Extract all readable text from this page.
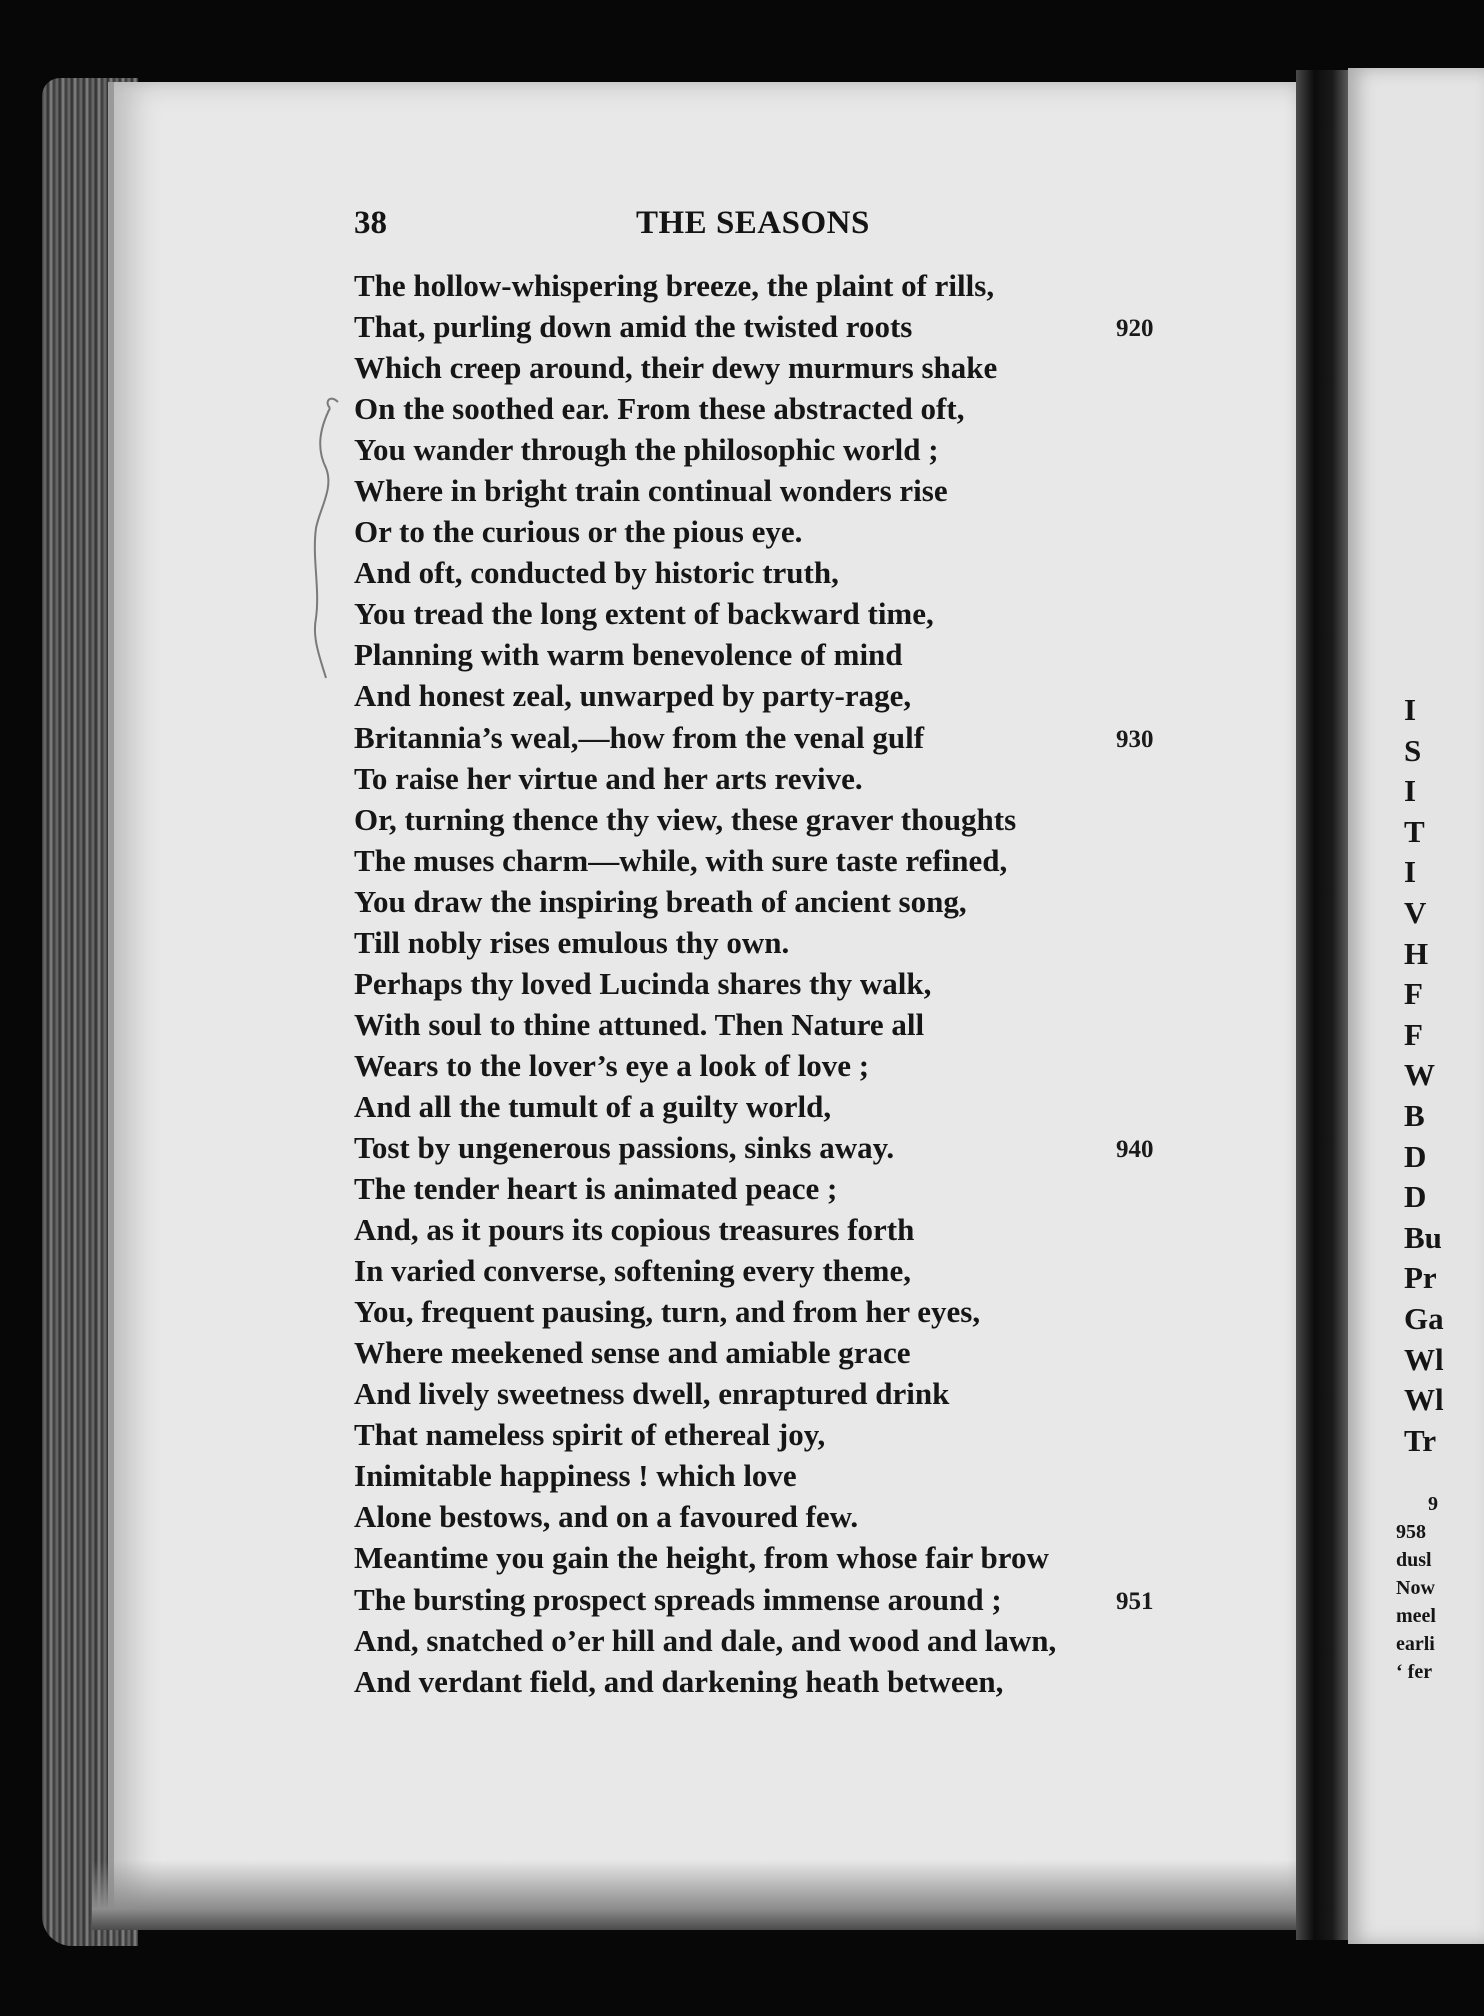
38	THE SEASONS
The hollow-whispering breeze, the plaint of rills,
That, purling down amid the twisted roots	920
Which creep around, their dewy murmurs shake
On the soothed ear. From these abstracted oft,
You wander through the philosophic world ;
Where in bright train continual wonders rise
Or to the curious or the pious eye.
And oft, conducted by historic truth,
You tread the long extent of backward time,
Planning with warm benevolence of mind
And honest zeal, unwarped by party-rage,
Britannia’s weal,—how from the venal gulf	930
To raise her virtue and her arts revive.
Or, turning thence thy view, these graver thoughts
The muses charm—while, with sure taste refined,
You draw the inspiring breath of ancient song,
Till nobly rises emulous thy own.
Perhaps thy loved Lucinda shares thy walk,
With soul to thine attuned. Then Nature all
Wears to the lover’s eye a look of love ;
And all the tumult of a guilty world,
Tost by ungenerous passions, sinks away.	940
The tender heart is animated peace ;
And, as it pours its copious treasures forth
In varied converse, softening every theme,
You, frequent pausing, turn, and from her eyes,
Where meekened sense and amiable grace
And lively sweetness dwell, enraptured drink
That nameless spirit of ethereal joy,
Inimitable happiness ! which love
Alone bestows, and on a favoured few.
Meantime you gain the height, from whose fair brow
The bursting prospect spreads immense around ;	951
And, snatched o’er hill and dale, and wood and lawn,
And verdant field, and darkening heath between,
I
S
I
T
I
V
H
F
F
W
B
D
D
Bu
Pr
Ga
Wl
Wl
Tr
9
958
dusl
Now
meel
earli
‘ fer
